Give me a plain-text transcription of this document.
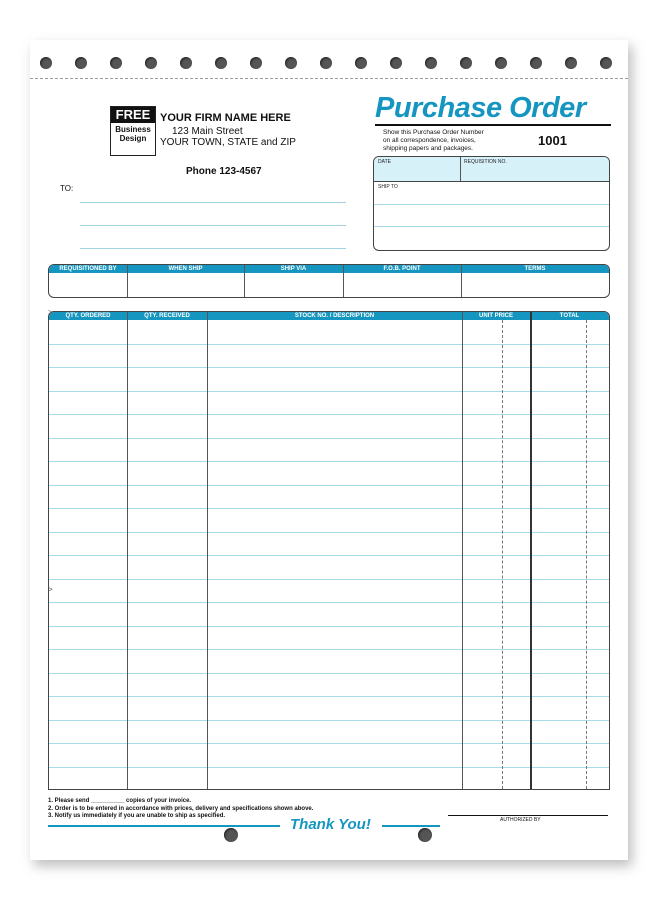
FREE
Business
Design
YOUR FIRM NAME HERE
123 Main Street
YOUR TOWN, STATE and ZIP
Phone 123-4567
TO:
Purchase Order
Show this Purchase Order Number
on all correspondence, invoices,
shipping papers and packages.
1001
DATE	REQUISITION NO.
SHIP TO
REQUISITIONED BY	WHEN SHIP	SHIP VIA	F.O.B. POINT	TERMS
QTY. ORDERED	QTY. RECEIVED	STOCK NO. / DESCRIPTION	UNIT PRICE	TOTAL
>
>
1. Please send __________ copies of your invoice.
2. Order is to be entered in accordance with prices, delivery and specifications shown above.
3. Notify us immediately if you are unable to ship as specified.	Thank You!	AUTHORIZED BY
